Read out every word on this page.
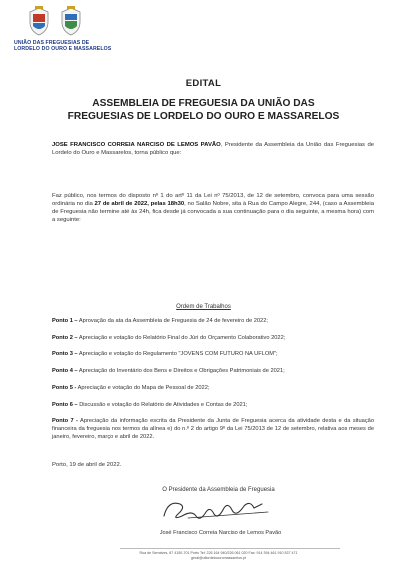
UNIÃO DAS FREGUESIAS DE
LORDELO DO OURO E MASSARELOS
EDITAL
ASSEMBLEIA DE FREGUESIA DA UNIÃO DAS
FREGUESIAS DE LORDELO DO OURO E MASSARELOS
JOSE FRANCISCO CORREIA NARCISO DE LEMOS PAVÃO, Presidente da Assembleia da União das Freguesias de Lordelo do Ouro e Massarelos, torna público que:
Faz público, nos termos do disposto nº 1 do artº 11 da Lei nº 75/2013, de 12 de setembro, convoca para uma sessão ordinária no dia 27 de abril de 2022, pelas 18h30, no Salão Nobre, sita à Rua do Campo Alegre, 244, (caso a Assembleia de Freguesia não termine até às 24h, fica desde já convocada a sua continuação para o dia seguinte, a mesma hora) com a seguinte:
Ordem de Trabalhos
Ponto 1 – Aprovação da ata da Assembleia de Freguesia de 24 de fevereiro de 2022;
Ponto 2 – Apreciação e votação do Relatório Final do Júri do Orçamento Colaborativo 2022;
Ponto 3 – Apreciação e votação do Regulamento "JOVENS COM FUTURO NA UFLOM";
Ponto 4 – Apreciação do Inventário dos Bens e Direitos e Obrigações Patrimoniais de 2021;
Ponto 5 - Apreciação e votação do Mapa de Pessoal de 2022;
Ponto 6 – Discussão e votação do Relatório de Atividades e Contas de 2021;
Ponto 7 - Apreciação da informação escrita da Presidente da Junta de Freguesia acerca da atividade desta e da situação financeira da freguesia nos termos da alínea e) do n.º 2 do artigo 9º da Lei 75/2013 de 12 de setembro, relativa aos meses de janeiro, fevereiro, março e abril de 2022.
Porto, 19 de abril de 2022.
O Presidente da Assembleia de Freguesia
José Francisco Correia Narciso de Lemos Pavão
Rua de Serralves, 87 4150-701 Porto Tel: 226 164 940/226 061 020 Fax: 914 394 461 910 537 471
geral@uflordeloouromassarelos.pt
